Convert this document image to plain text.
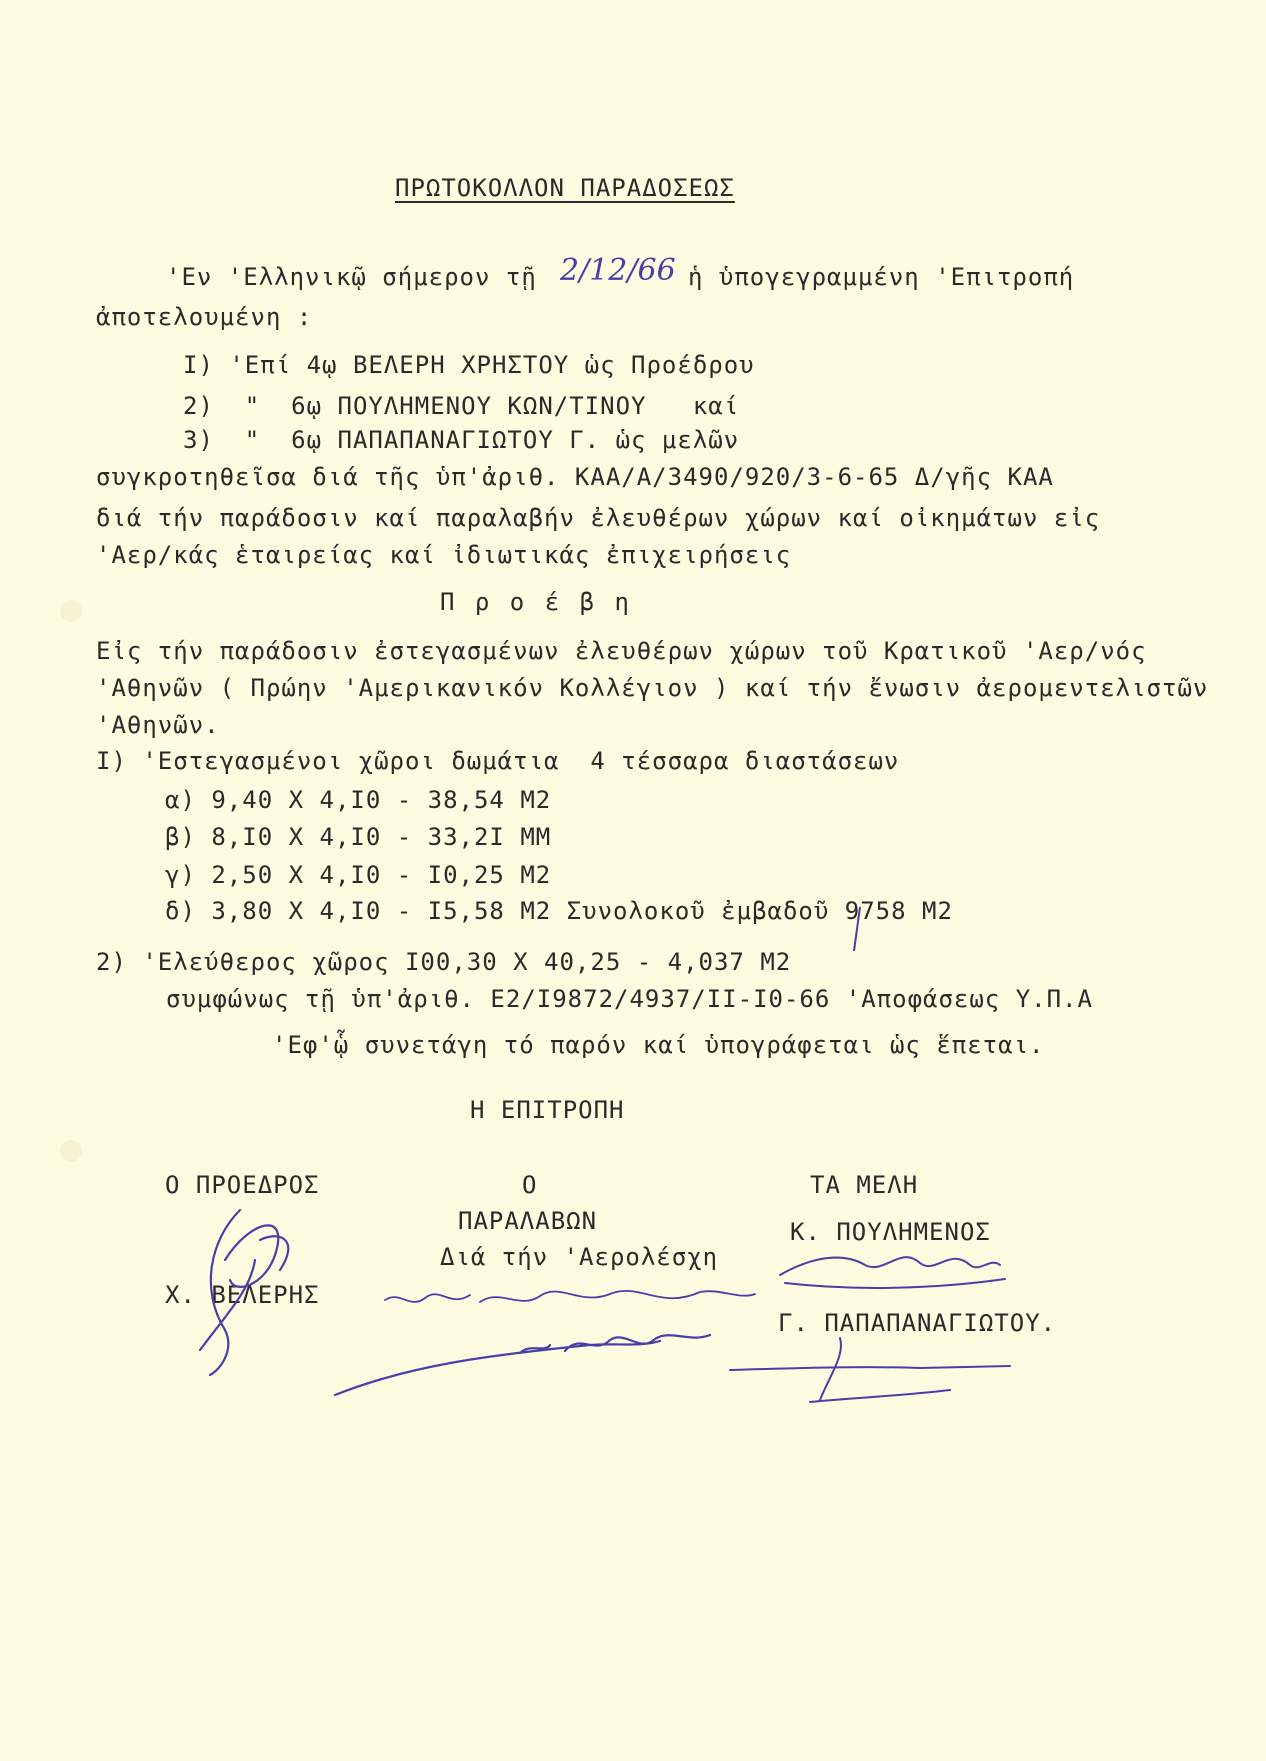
ΠΡΩΤΟΚΟΛΛΟΝ ΠΑΡΑΔΟΣΕΩΣ
'Εν 'Ελληνικῷ σήμερον τῇ 2/12/66 ἡ ὑπογεγραμμένη 'Επιτροπή
ἀποτελουμένη :
Ι) 'Επί 4ῳ ΒΕΛΕΡΗ ΧΡΗΣΤΟΥ ὡς Προέδρου
2)  "  6ῳ ΠΟΥΛΗΜΕΝΟΥ ΚΩΝ/ΤΙΝΟΥ   καί
3)  "  6ῳ ΠΑΠΑΠΑΝΑΓΙΩΤΟΥ Γ. ὡς μελῶν
συγκροτηθεῖσα διά τῆς ὑπ'ἀριθ. ΚΑΑ/Α/3490/920/3-6-65 Δ/γῆς ΚΑΑ
διά τήν παράδοσιν καί παραλαβήν ἐλευθέρων χώρων καί οἰκημάτων εἰς
'Αερ/κάς ἑταιρείας καί ἰδιωτικάς ἐπιχειρήσεις
Π ρ ο έ β η
Εἰς τήν παράδοσιν ἐστεγασμένων ἐλευθέρων χώρων τοῦ Κρατικοῦ 'Αερ/νός
'Αθηνῶν ( Πρώην 'Αμερικανικόν Κολλέγιον ) καί τήν ἔνωσιν ἀερομεντελιστῶν
'Αθηνῶν.
Ι) 'Εστεγασμένοι χῶροι δωμάτια  4 τέσσαρα διαστάσεων
α) 9,40 Χ 4,Ι0 - 38,54 Μ2
β) 8,Ι0 Χ 4,Ι0 - 33,2Ι ΜΜ
γ) 2,50 Χ 4,Ι0 - Ι0,25 Μ2
δ) 3,80 Χ 4,Ι0 - Ι5,58 Μ2 Συνολοκοῦ ἐμβαδοῦ 9758 Μ2
2) 'Ελεύθερος χῶρος Ι00,30 Χ 40,25 - 4,037 Μ2
συμφώνως τῇ ὑπ'ἀριθ. Ε2/Ι9872/4937/ΙΙ-Ι0-66 'Αποφάσεως Υ.Π.Α
'Εφ'ᾧ συνετάγη τό παρόν καί ὑπογράφεται ὡς ἕπεται.
Η ΕΠΙΤΡΟΠΗ
Ο ΠΡΟΕΔΡΟΣ	Ο	ΤΑ ΜΕΛΗ
ΠΑΡΑΛΑΒΩΝ	Κ. ΠΟΥΛΗΜΕΝΟΣ
Διά τήν 'Αερολέσχη
Χ. ΒΕΛΕΡΗΣ
Γ. ΠΑΠΑΠΑΝΑΓΙΩΤΟΥ.
